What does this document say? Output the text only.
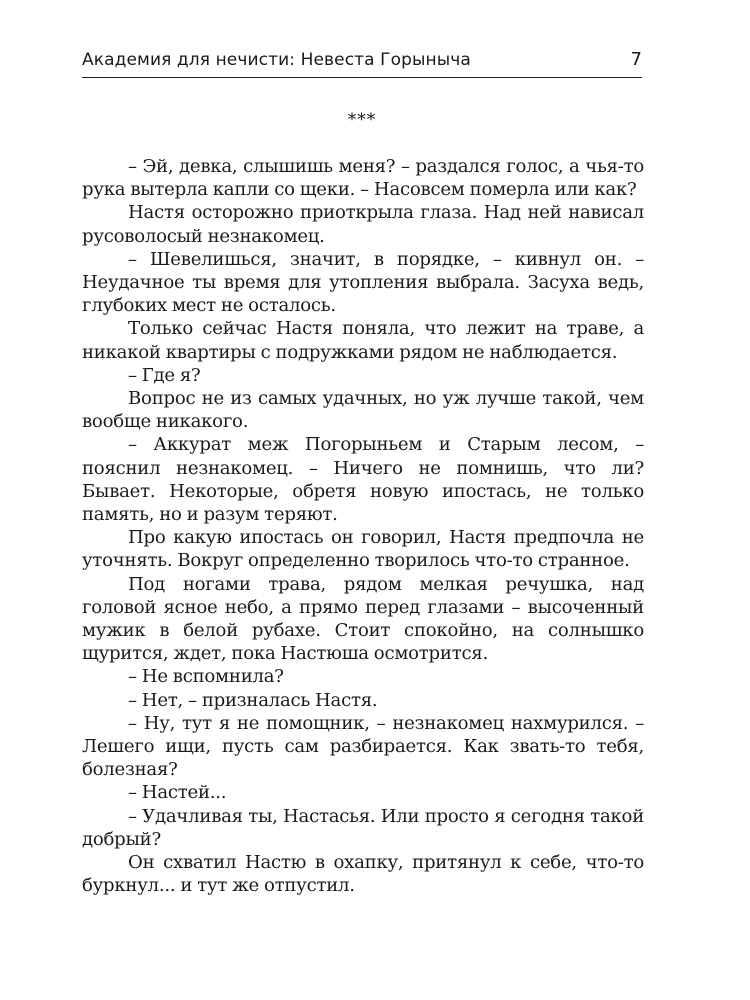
Академия для нечисти: Невеста Горыныча	7
***

– Эй, девка, слышишь меня? – раздался голос, а чья-то рука вытерла капли со щеки. – Насовсем померла или как?

Настя осторожно приоткрыла глаза. Над ней нависал русоволосый незнакомец.

– Шевелишься, значит, в порядке, – кивнул он. – Неудачное ты время для утопления выбрала. Засуха ведь, глубоких мест не осталось.

Только сейчас Настя поняла, что лежит на траве, а никакой квартиры с подружками рядом не наблюдается.

– Где я?

Вопрос не из самых удачных, но уж лучше такой, чем вообще никакого.

– Аккурат меж Погорыньем и Старым лесом, – пояснил незнакомец. – Ничего не помнишь, что ли? Бывает. Некоторые, обретя новую ипостась, не только память, но и разум теряют.

Про какую ипостась он говорил, Настя предпочла не уточнять. Вокруг определенно творилось что-то странное.

Под ногами трава, рядом мелкая речушка, над головой ясное небо, а прямо перед глазами – высоченный мужик в белой рубахе. Стоит спокойно, на солнышко щурится, ждет, пока Настюша осмотрится.

– Не вспомнила?

– Нет, – призналась Настя.

– Ну, тут я не помощник, – незнакомец нахмурился. – Лешего ищи, пусть сам разбирается. Как звать-то тебя, болезная?

– Настей...

– Удачливая ты, Настасья. Или просто я сегодня такой добрый?

Он схватил Настю в охапку, притянул к себе, что-то буркнул... и тут же отпустил.
